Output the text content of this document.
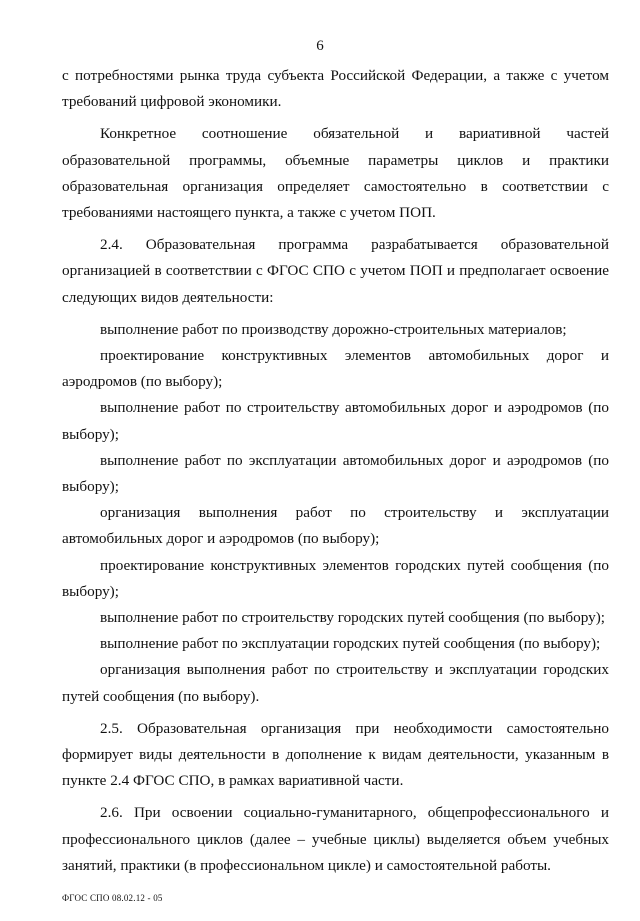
6

с потребностями рынка труда субъекта Российской Федерации, а также с учетом требований цифровой экономики.

Конкретное соотношение обязательной и вариативной частей образовательной программы, объемные параметры циклов и практики образовательная организация определяет самостоятельно в соответствии с требованиями настоящего пункта, а также с учетом ПОП.

2.4. Образовательная программа разрабатывается образовательной организацией в соответствии с ФГОС СПО с учетом ПОП и предполагает освоение следующих видов деятельности:

выполнение работ по производству дорожно-строительных материалов;

проектирование конструктивных элементов автомобильных дорог и аэродромов (по выбору);

выполнение работ по строительству автомобильных дорог и аэродромов (по выбору);

выполнение работ по эксплуатации автомобильных дорог и аэродромов (по выбору);

организация выполнения работ по строительству и эксплуатации автомобильных дорог и аэродромов (по выбору);

проектирование конструктивных элементов городских путей сообщения (по выбору);

выполнение работ по строительству городских путей сообщения (по выбору);

выполнение работ по эксплуатации городских путей сообщения (по выбору);

организация выполнения работ по строительству и эксплуатации городских путей сообщения (по выбору).

2.5. Образовательная организация при необходимости самостоятельно формирует виды деятельности в дополнение к видам деятельности, указанным в пункте 2.4 ФГОС СПО, в рамках вариативной части.

2.6. При освоении социально-гуманитарного, общепрофессионального и профессионального циклов (далее – учебные циклы) выделяется объем учебных занятий, практики (в профессиональном цикле) и самостоятельной работы.

ФГОС СПО 08.02.12 - 05
